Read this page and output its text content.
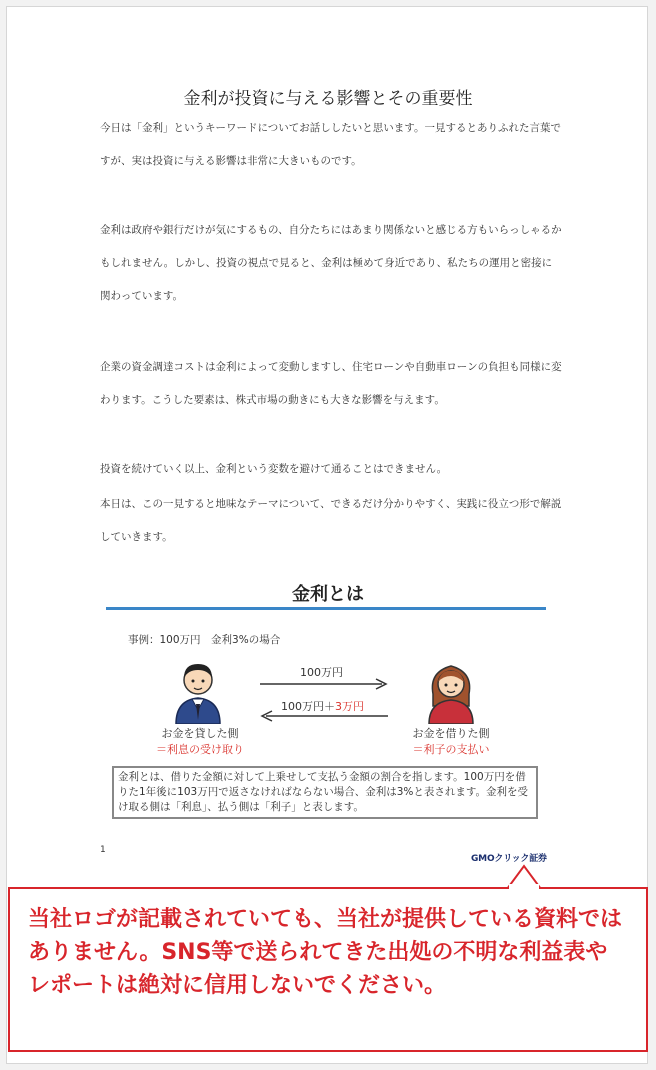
金利が投資に与える影響とその重要性
今日は「金利」というキーワードについてお話ししたいと思います。一見するとありふれた言葉ですが、実は投資に与える影響は非常に大きいものです。
金利は政府や銀行だけが気にするもの、自分たちにはあまり関係ないと感じる方もいらっしゃるかもしれません。しかし、投資の視点で見ると、金利は極めて身近であり、私たちの運用と密接に関わっています。
企業の資金調達コストは金利によって変動しますし、住宅ローンや自動車ローンの負担も同様に変わります。こうした要素は、株式市場の動きにも大きな影響を与えます。
投資を続けていく以上、金利という変数を避けて通ることはできません。
本日は、この一見すると地味なテーマについて、できるだけ分かりやすく、実践に役立つ形で解説していきます。
金利とは
事例：100万円　金利3%の場合
100万円
100万円＋3万円
お金を貸した側
＝利息の受け取り
お金を借りた側
＝利子の支払い
金利とは、借りた金額に対して上乗せして支払う金額の割合を指します。100万円を借りた1年後に103万円で返さなければならない場合、金利は3%と表されます。金利を受け取る側は「利息」、払う側は「利子」と表します。
1
GMOクリック証券
当社ロゴが記載されていても、当社が提供している資料ではありません。SNS等で送られてきた出処の不明な利益表やレポートは絶対に信用しないでください。
